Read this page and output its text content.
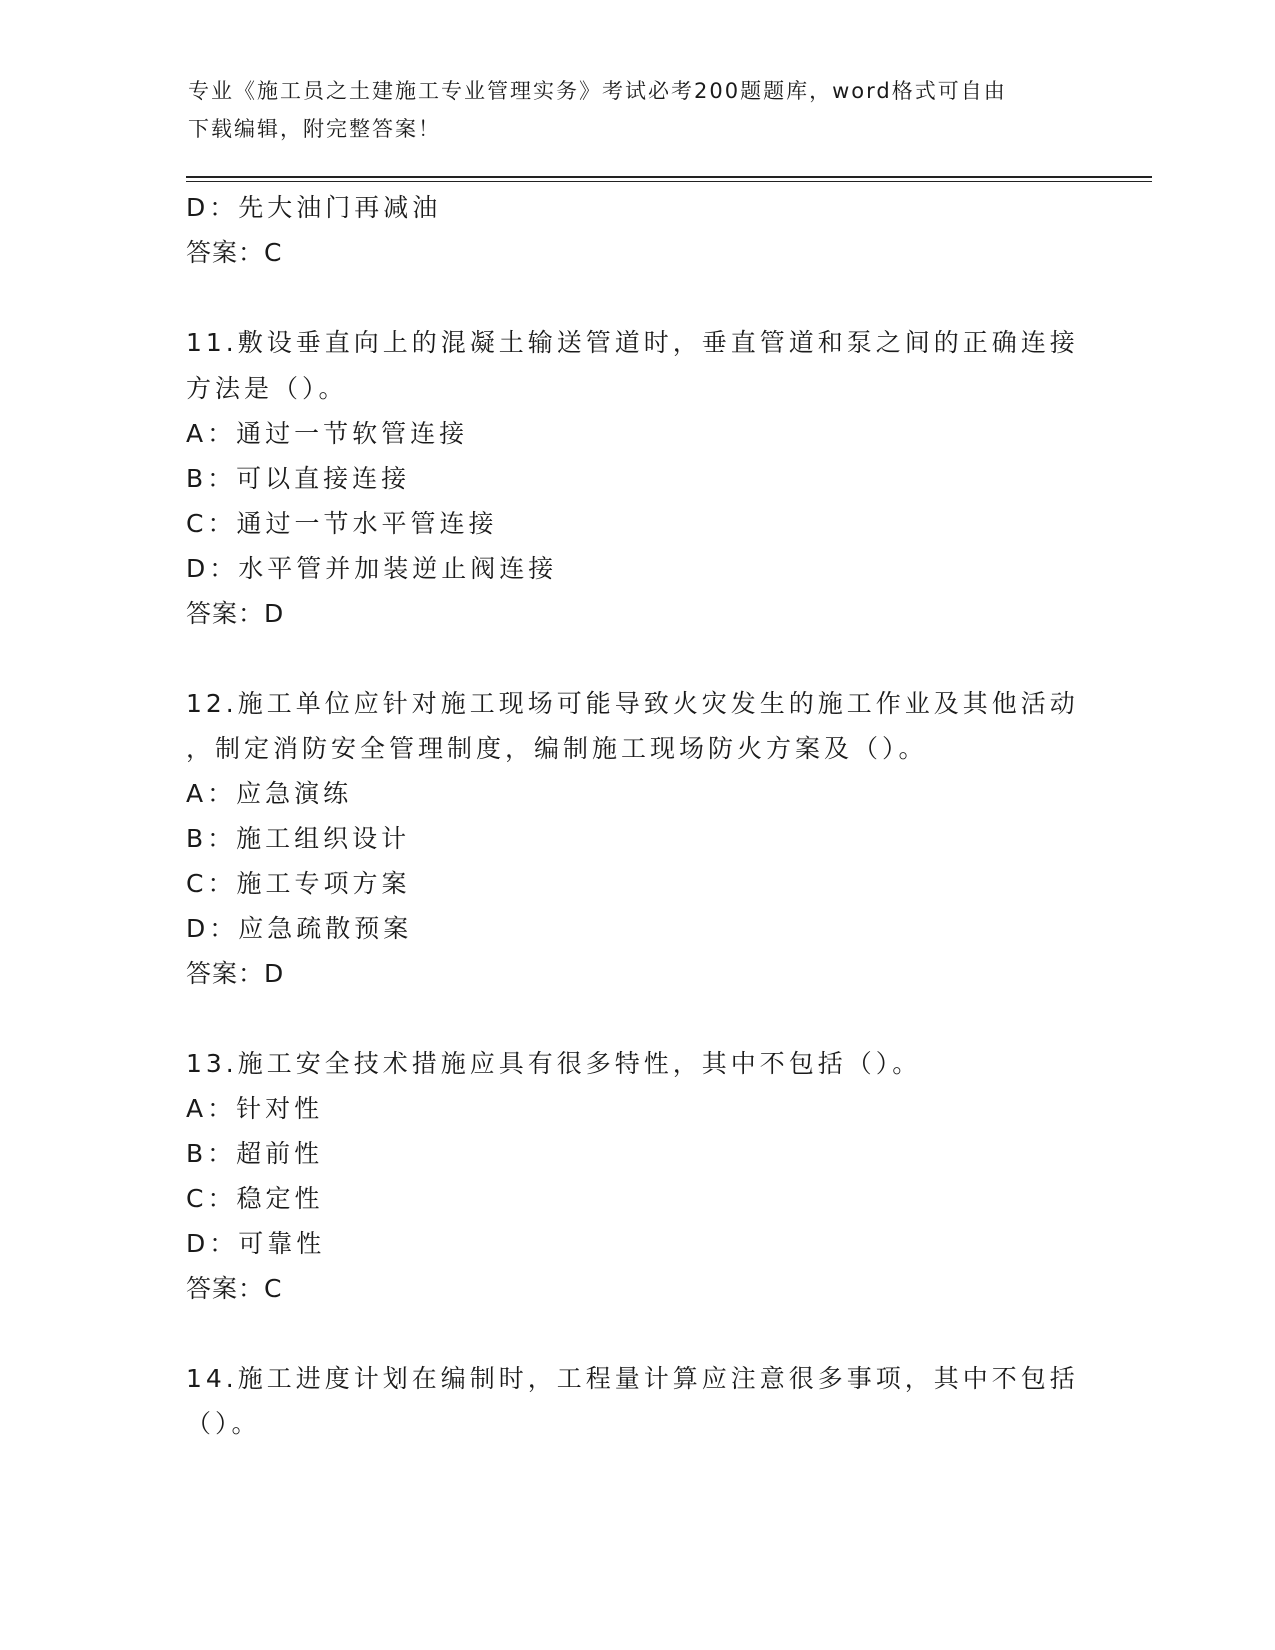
专业《施工员之土建施工专业管理实务》考试必考200题题库，word格式可自由
下载编辑，附完整答案！
D：先大油门再减油
答案：C
11.敷设垂直向上的混凝土输送管道时，垂直管道和泵之间的正确连接
方法是（）。
A：通过一节软管连接
B：可以直接连接
C：通过一节水平管连接
D：水平管并加装逆止阀连接
答案：D
12.施工单位应针对施工现场可能导致火灾发生的施工作业及其他活动
，制定消防安全管理制度，编制施工现场防火方案及（）。
A：应急演练
B：施工组织设计
C：施工专项方案
D：应急疏散预案
答案：D
13.施工安全技术措施应具有很多特性，其中不包括（）。
A：针对性
B：超前性
C：稳定性
D：可靠性
答案：C
14.施工进度计划在编制时，工程量计算应注意很多事项，其中不包括
（）。
